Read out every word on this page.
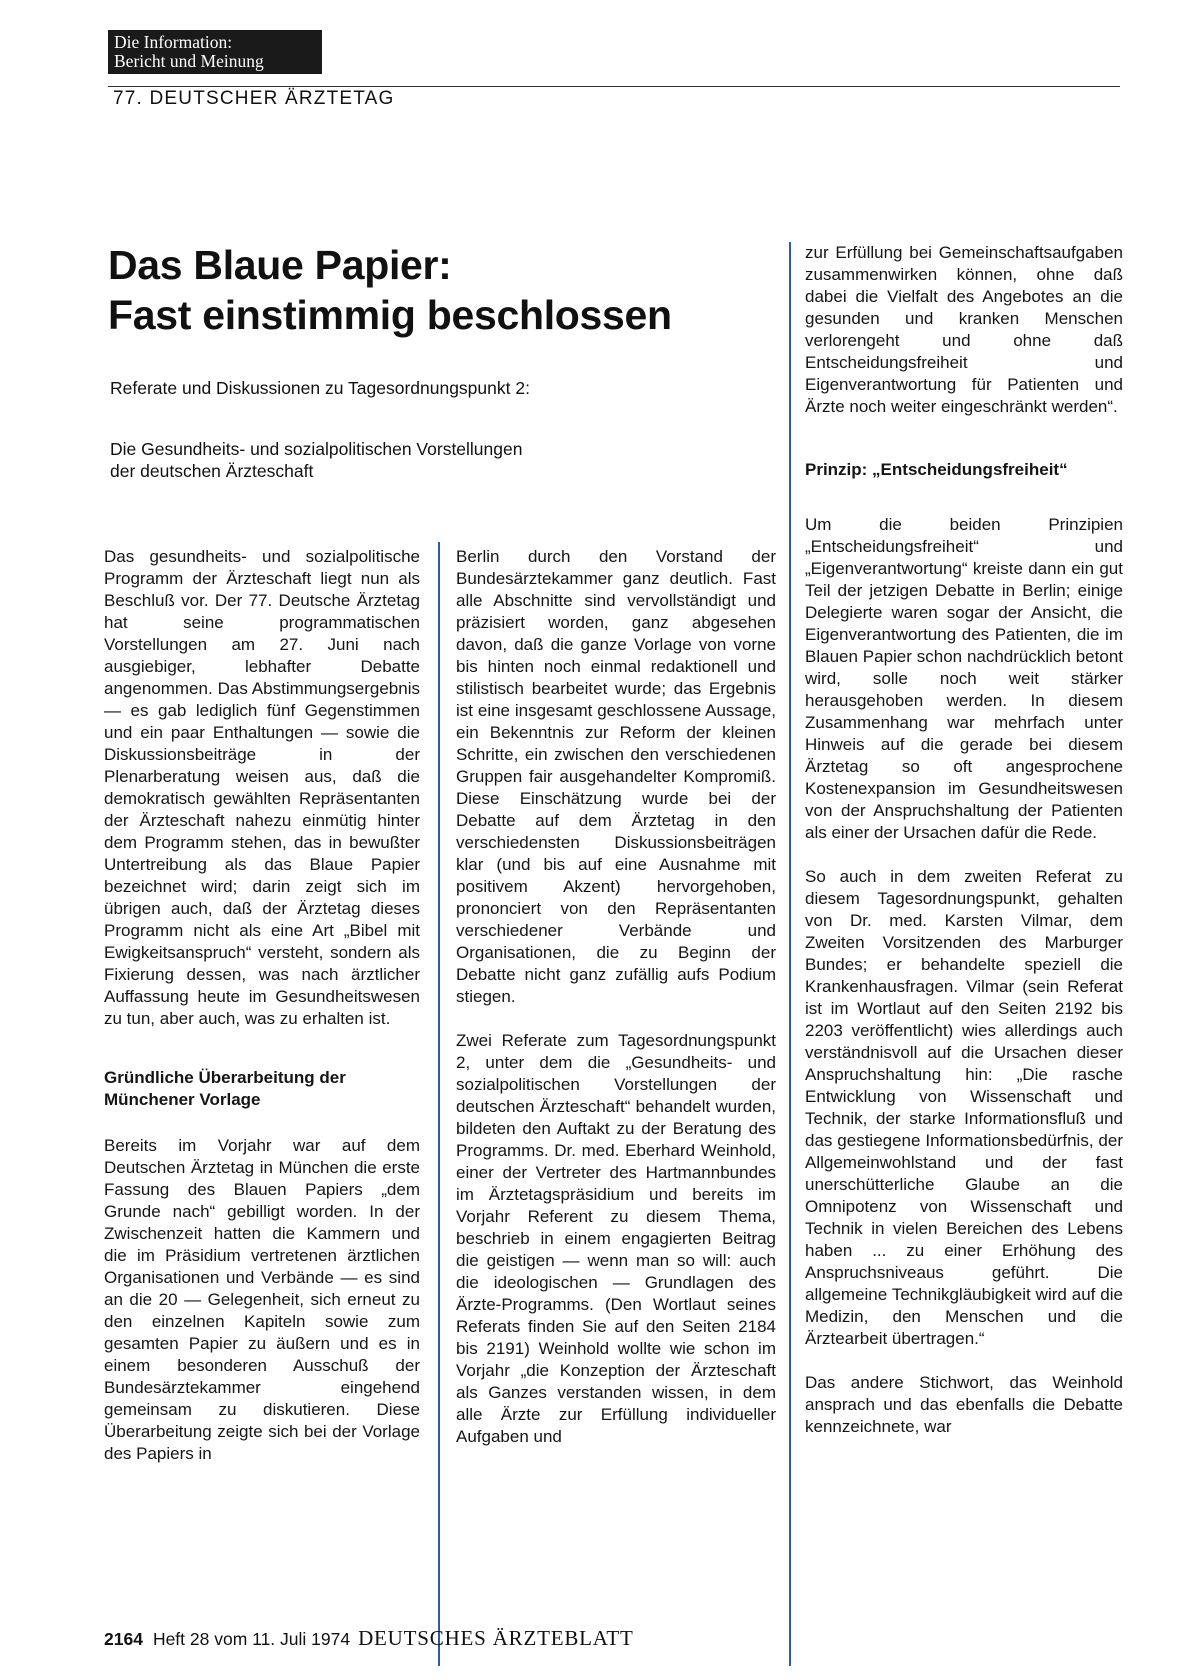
Die Information:
Bericht und Meinung
77. DEUTSCHER ÄRZTETAG
Das Blaue Papier:
Fast einstimmig beschlossen
Referate und Diskussionen zu Tagesordnungspunkt 2:
Die Gesundheits- und sozialpolitischen Vorstellungen
der deutschen Ärzteschaft

Das gesundheits- und sozialpolitische Programm der Ärzteschaft liegt nun als Beschluß vor. Der 77. Deutsche Ärztetag hat seine programmatischen Vorstellungen am 27. Juni nach ausgiebiger, lebhafter Debatte angenommen. Das Abstimmungsergebnis — es gab lediglich fünf Gegenstimmen und ein paar Enthaltungen — sowie die Diskussionsbeiträge in der Plenarberatung weisen aus, daß die demokratisch gewählten Repräsentanten der Ärzteschaft nahezu einmütig hinter dem Programm stehen, das in bewußter Untertreibung als das Blaue Papier bezeichnet wird; darin zeigt sich im übrigen auch, daß der Ärztetag dieses Programm nicht als eine Art „Bibel mit Ewigkeitsanspruch“ versteht, sondern als Fixierung dessen, was nach ärztlicher Auffassung heute im Gesundheitswesen zu tun, aber auch, was zu erhalten ist.

Gründliche Überarbeitung der Münchener Vorlage

Bereits im Vorjahr war auf dem Deutschen Ärztetag in München die erste Fassung des Blauen Papiers „dem Grunde nach“ gebilligt worden. In der Zwischenzeit hatten die Kammern und die im Präsidium vertretenen ärztlichen Organisationen und Verbände — es sind an die 20 — Gelegenheit, sich erneut zu den einzelnen Kapiteln sowie zum gesamten Papier zu äußern und es in einem besonderen Ausschuß der Bundesärztekammer eingehend gemeinsam zu diskutieren. Diese Überarbeitung zeigte sich bei der Vorlage des Papiers in

Berlin durch den Vorstand der Bundesärztekammer ganz deutlich. Fast alle Abschnitte sind vervollständigt und präzisiert worden, ganz abgesehen davon, daß die ganze Vorlage von vorne bis hinten noch einmal redaktionell und stilistisch bearbeitet wurde; das Ergebnis ist eine insgesamt geschlossene Aussage, ein Bekenntnis zur Reform der kleinen Schritte, ein zwischen den verschiedenen Gruppen fair ausgehandelter Kompromiß. Diese Einschätzung wurde bei der Debatte auf dem Ärztetag in den verschiedensten Diskussionsbeiträgen klar (und bis auf eine Ausnahme mit positivem Akzent) hervorgehoben, prononciert von den Repräsentanten verschiedener Verbände und Organisationen, die zu Beginn der Debatte nicht ganz zufällig aufs Podium stiegen.

Zwei Referate zum Tagesordnungspunkt 2, unter dem die „Gesundheits- und sozialpolitischen Vorstellungen der deutschen Ärzteschaft“ behandelt wurden, bildeten den Auftakt zu der Beratung des Programms. Dr. med. Eberhard Weinhold, einer der Vertreter des Hartmannbundes im Ärztetagspräsidium und bereits im Vorjahr Referent zu diesem Thema, beschrieb in einem engagierten Beitrag die geistigen — wenn man so will: auch die ideologischen — Grundlagen des Ärzte-Programms. (Den Wortlaut seines Referats finden Sie auf den Seiten 2184 bis 2191) Weinhold wollte wie schon im Vorjahr „die Konzeption der Ärzteschaft als Ganzes verstanden wissen, in dem alle Ärzte zur Erfüllung individueller Aufgaben und

zur Erfüllung bei Gemeinschaftsaufgaben zusammenwirken können, ohne daß dabei die Vielfalt des Angebotes an die gesunden und kranken Menschen verlorengeht und ohne daß Entscheidungsfreiheit und Eigenverantwortung für Patienten und Ärzte noch weiter eingeschränkt werden“.

Prinzip: „Entscheidungsfreiheit“

Um die beiden Prinzipien „Entscheidungsfreiheit“ und „Eigenverantwortung“ kreiste dann ein gut Teil der jetzigen Debatte in Berlin; einige Delegierte waren sogar der Ansicht, die Eigenverantwortung des Patienten, die im Blauen Papier schon nachdrücklich betont wird, solle noch weit stärker herausgehoben werden. In diesem Zusammenhang war mehrfach unter Hinweis auf die gerade bei diesem Ärztetag so oft angesprochene Kostenexpansion im Gesundheitswesen von der Anspruchshaltung der Patienten als einer der Ursachen dafür die Rede.

So auch in dem zweiten Referat zu diesem Tagesordnungspunkt, gehalten von Dr. med. Karsten Vilmar, dem Zweiten Vorsitzenden des Marburger Bundes; er behandelte speziell die Krankenhausfragen. Vilmar (sein Referat ist im Wortlaut auf den Seiten 2192 bis 2203 veröffentlicht) wies allerdings auch verständnisvoll auf die Ursachen dieser Anspruchshaltung hin: „Die rasche Entwicklung von Wissenschaft und Technik, der starke Informationsfluß und das gestiegene Informationsbedürfnis, der Allgemeinwohlstand und der fast unerschütterliche Glaube an die Omnipotenz von Wissenschaft und Technik in vielen Bereichen des Lebens haben ... zu einer Erhöhung des Anspruchsniveaus geführt. Die allgemeine Technikgläubigkeit wird auf die Medizin, den Menschen und die Ärztearbeit übertragen.“

Das andere Stichwort, das Weinhold ansprach und das ebenfalls die Debatte kennzeichnete, war

2164 Heft 28 vom 11. Juli 1974 DEUTSCHES ÄRZTEBLATT
